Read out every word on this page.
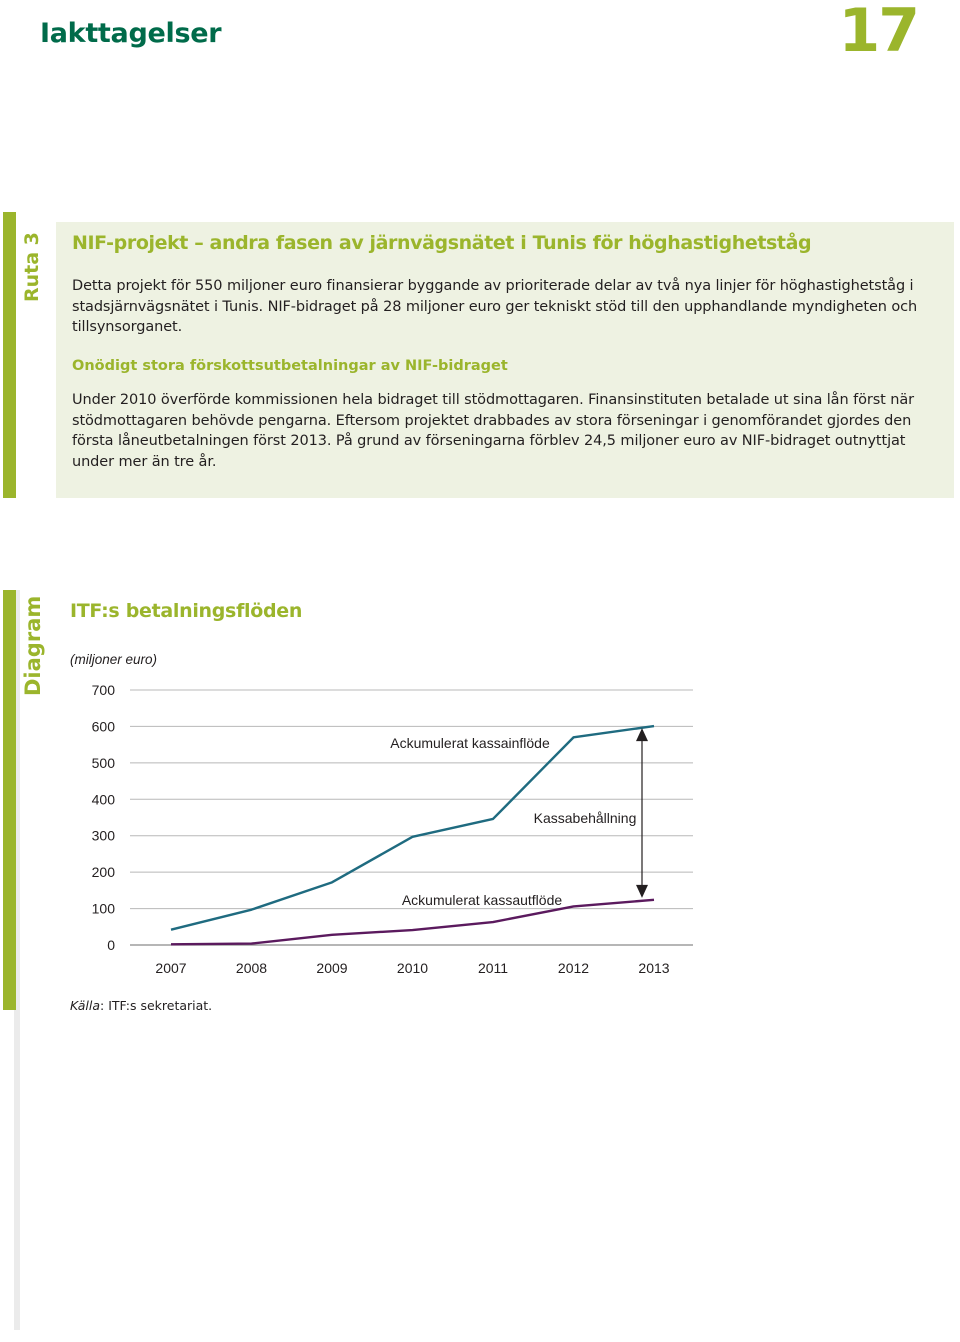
Iakttagelser	17
Ruta 3
Diagram
NIF-projekt – andra fasen av järnvägsnätet i Tunis för höghastighetståg

Detta projekt för 550 miljoner euro finansierar byggande av prioriterade delar av två nya linjer för höghastighetståg i stadsjärnvägsnätet i Tunis. NIF-bidraget på 28 miljoner euro ger tekniskt stöd till den upphandlande myndigheten och tillsynsorganet.

Onödigt stora förskottsutbetalningar av NIF-bidraget

Under 2010 överförde kommissionen hela bidraget till stödmottagaren. Finansinstituten betalade ut sina lån först när stödmottagaren behövde pengarna. Eftersom projektet drabbades av stora förseningar i genomförandet gjordes den första låneutbetalningen först 2013. På grund av förseningarna förblev 24,5 miljoner euro av NIF-bidraget outnyttjat under mer än tre år.

ITF:s betalningsflöden
(miljoner euro)
0
100
200
300
400
500
600
700
2007	2008	2009	2010	2011	2012	2013
Ackumulerat kassainflöde
Ackumulerat kassautflöde
Kassabehållning

Källa: ITF:s sekretariat.
